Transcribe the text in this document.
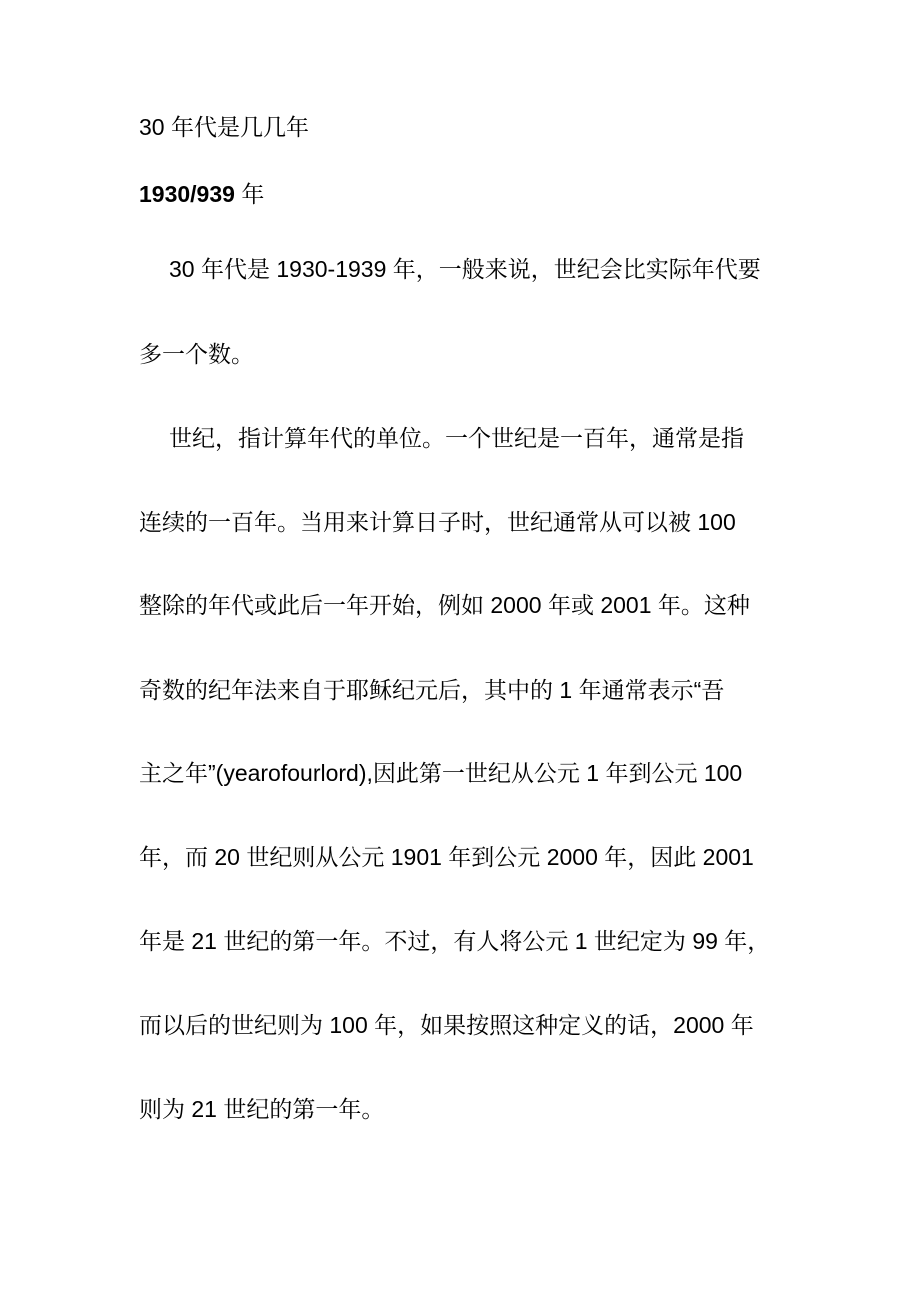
30 年代是几几年
1930/939 年
30 年代是 1930-1939 年，一般来说，世纪会比实际年代要
多一个数。
世纪，指计算年代的单位。一个世纪是一百年，通常是指
连续的一百年。当用来计算日子时，世纪通常从可以被 100
整除的年代或此后一年开始，例如 2000 年或 2001 年。这种
奇数的纪年法来自于耶稣纪元后，其中的 1 年通常表示“吾
主之年”(yearofourlord),因此第一世纪从公元 1 年到公元 100
年，而 20 世纪则从公元 1901 年到公元 2000 年，因此 2001
年是 21 世纪的第一年。不过，有人将公元 1 世纪定为 99 年，
而以后的世纪则为 100 年，如果按照这种定义的话，2000 年
则为 21 世纪的第一年。
